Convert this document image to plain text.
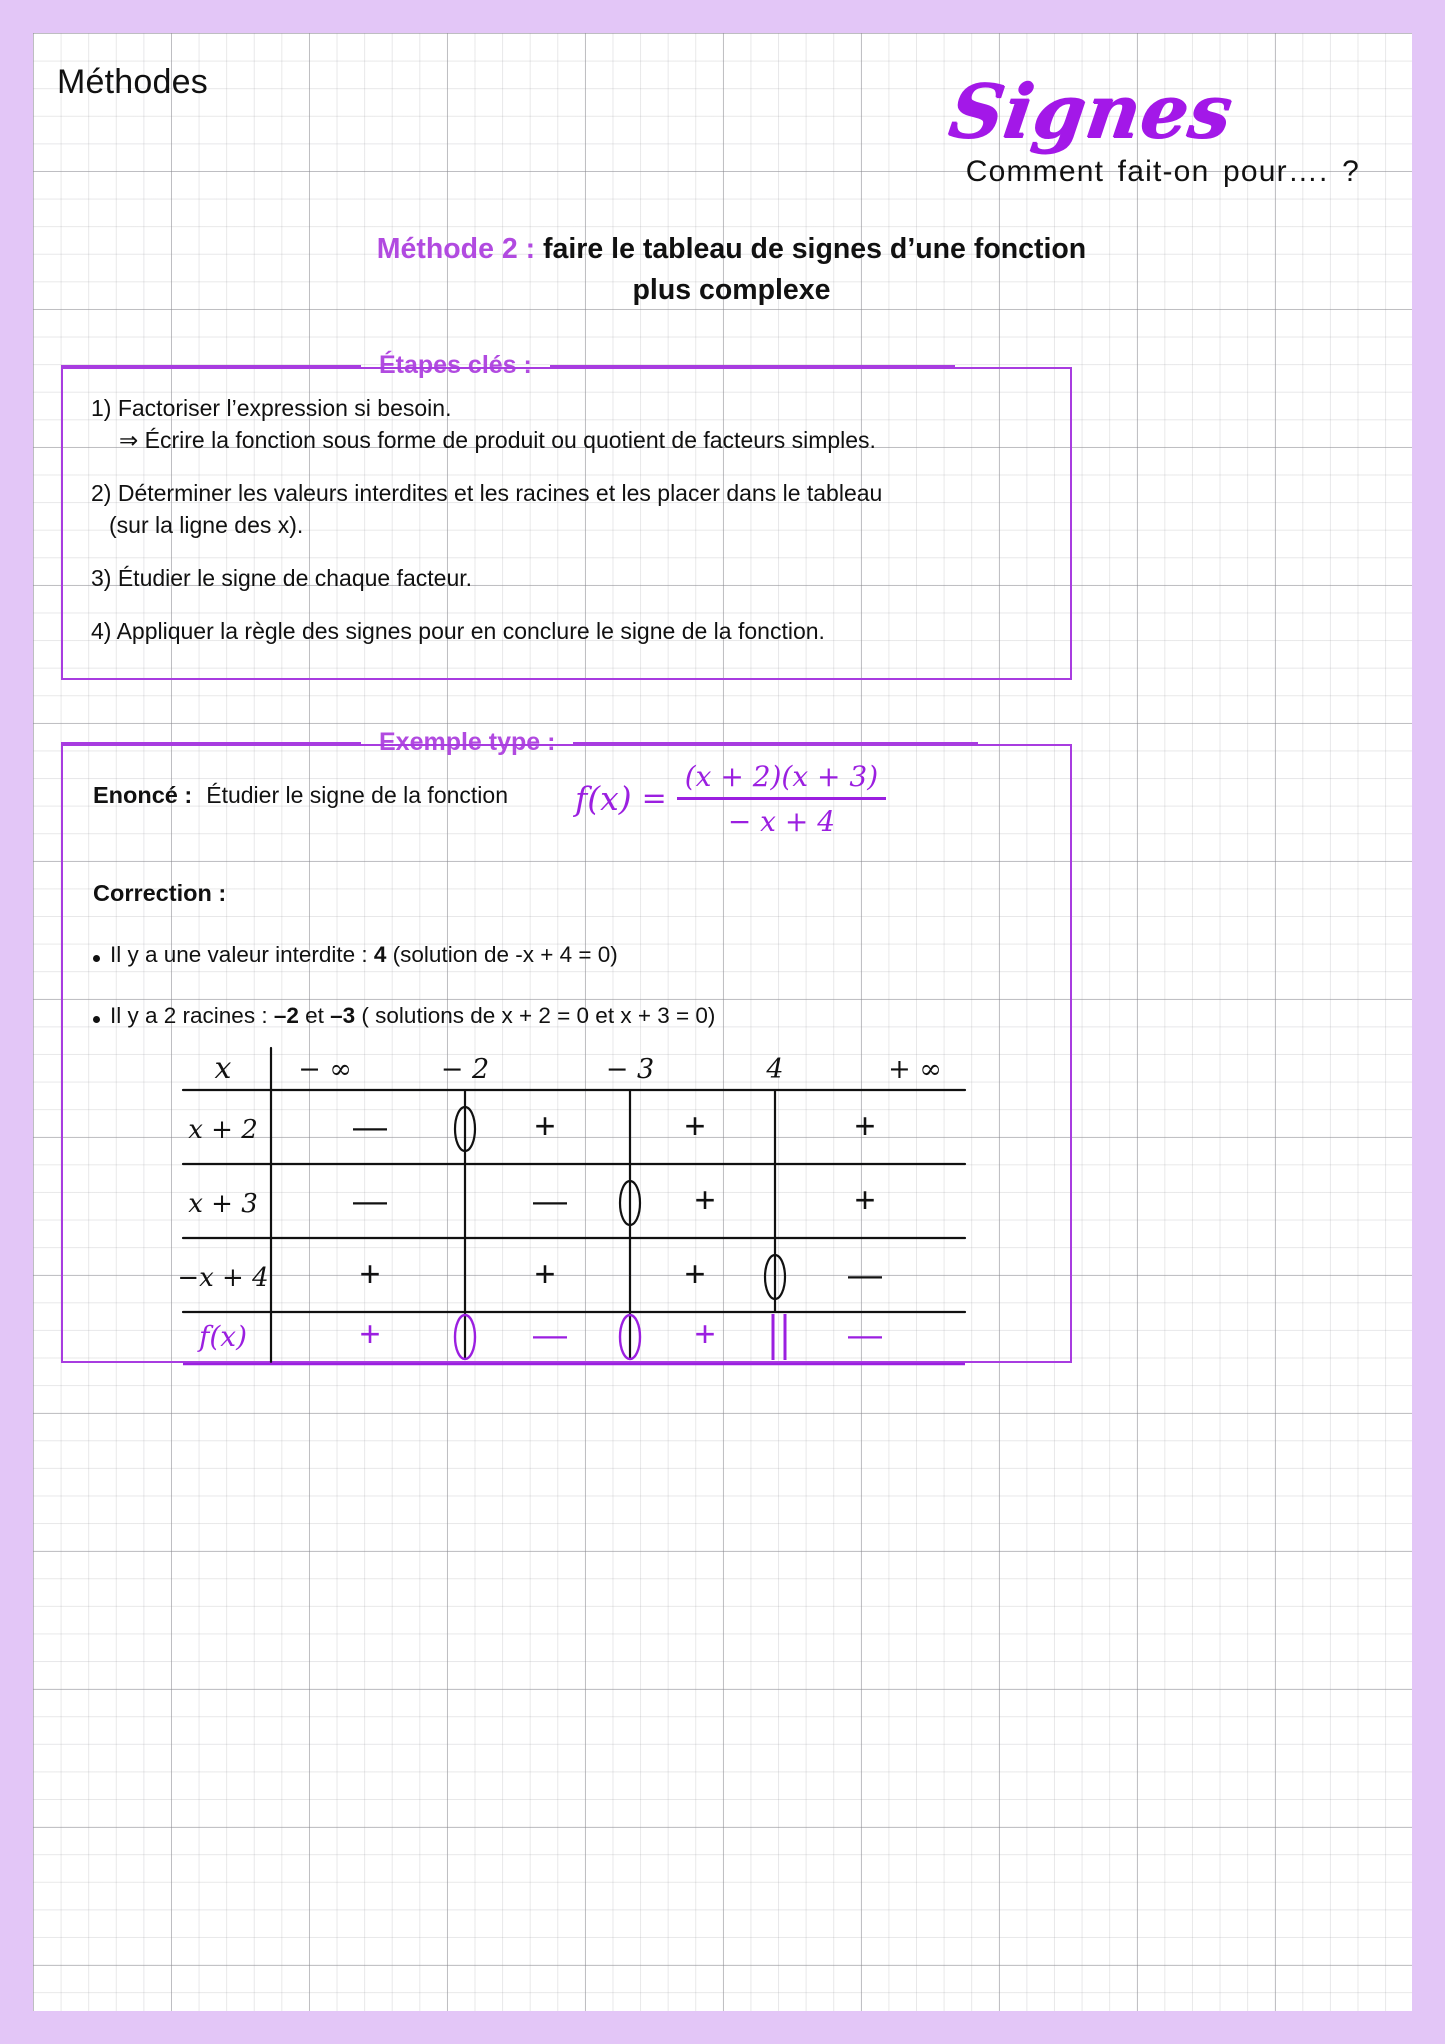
Méthodes	Signes
Comment fait-on pour…. ?
Méthode 2 : faire le tableau de signes d’une fonction
plus complexe
Étapes clés :
1) Factoriser l’expression si besoin.
⇒ Écrire la fonction sous forme de produit ou quotient de facteurs simples.
2) Déterminer les valeurs interdites et les racines et les placer dans le tableau
(sur la ligne des x).
3) Étudier le signe de chaque facteur.
4) Appliquer la règle des signes pour en conclure le signe de la fonction.
Exemple type :
Enoncé : Étudier le signe de la fonction $f(x) = \frac{(x + 2)(x + 3)}{- x + 4}$
Correction :
Il y a une valeur interdite : 4 (solution de -x + 4 = 0)
Il y a 2 racines : –2 et –3 ( solutions de x + 2 = 0 et x + 3 = 0)
x − ∞	− 2	− 3	4	+ ∞
x + 2	—	+	+	+
x + 3	—	—	+	+
−x + 4	+	+	+	—
f(x)	+	—	+	—
